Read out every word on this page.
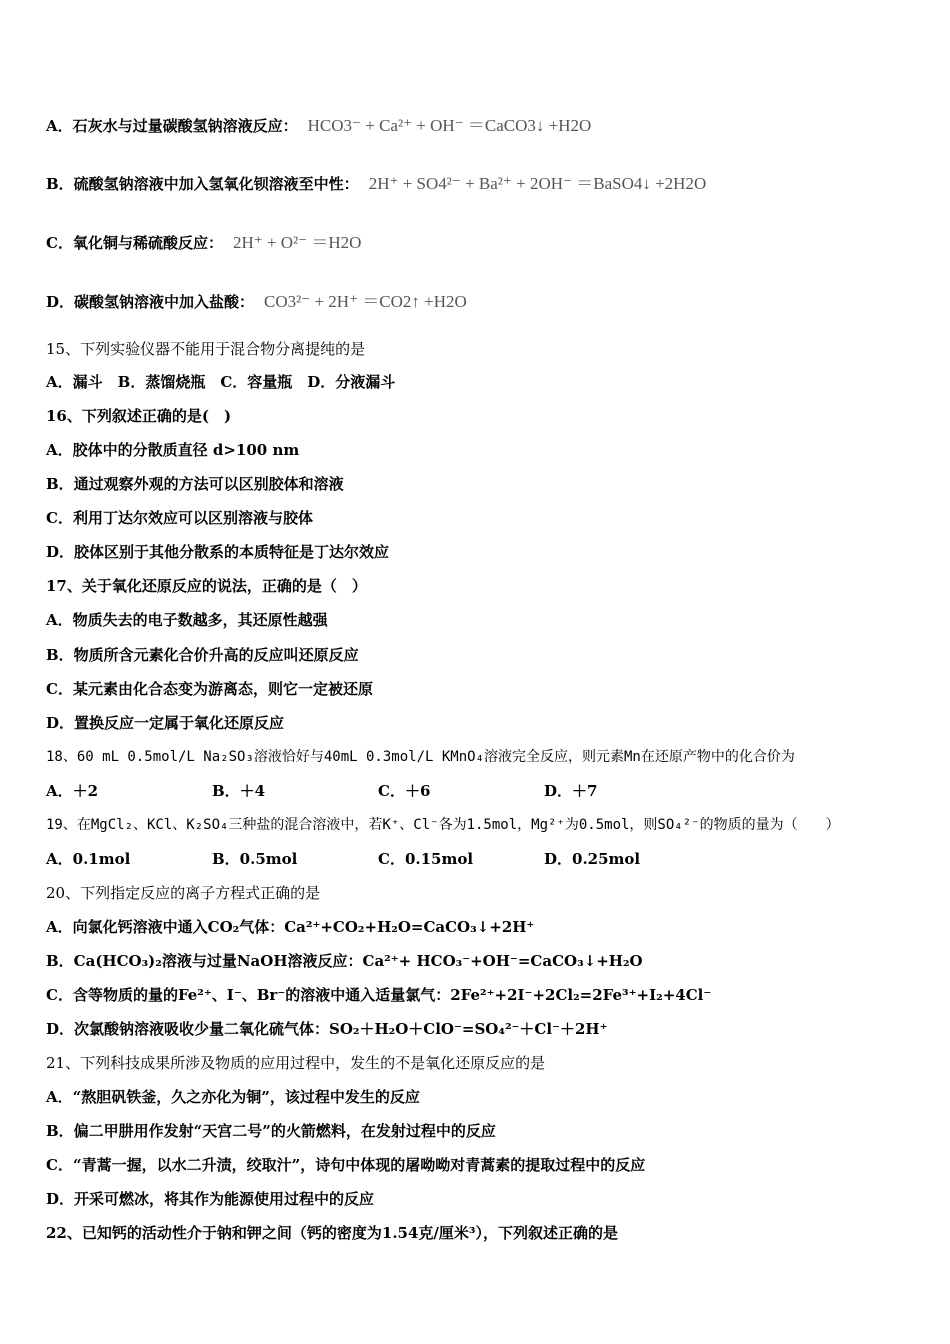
A．石灰水与过量碳酸氢钠溶液反应： HCO3⁻ + Ca²⁺ + OH⁻ ＝CaCO3↓ +H2O
B．硫酸氢钠溶液中加入氢氧化钡溶液至中性： 2H⁺ + SO4²⁻ + Ba²⁺ + 2OH⁻ ＝BaSO4↓ +2H2O
C．氧化铜与稀硫酸反应： 2H⁺ + O²⁻ ＝H2O
D．碳酸氢钠溶液中加入盐酸： CO3²⁻ + 2H⁺ ＝CO2↑ +H2O
15、下列实验仪器不能用于混合物分离提纯的是
A．漏斗　B．蒸馏烧瓶　C．容量瓶　D．分液漏斗
16、下列叙述正确的是(　)
A．胶体中的分散质直径 d>100 nm
B．通过观察外观的方法可以区别胶体和溶液
C．利用丁达尔效应可以区别溶液与胶体
D．胶体区别于其他分散系的本质特征是丁达尔效应
17、关于氧化还原反应的说法，正确的是（　）
A．物质失去的电子数越多，其还原性越强
B．物质所含元素化合价升高的反应叫还原反应
C．某元素由化合态变为游离态，则它一定被还原
D．置换反应一定属于氧化还原反应
18、60 mL 0.5mol/L Na₂SO₃溶液恰好与40mL 0.3mol/L KMnO₄溶液完全反应，则元素Mn在还原产物中的化合价为
A．＋2	B．＋4	C．＋6	D．＋7
19、在MgCl₂、KCl、K₂SO₄三种盐的混合溶液中，若K⁺、Cl⁻各为1.5mol，Mg²⁺为0.5mol，则SO₄²⁻的物质的量为（　　）
A．0.1mol	B．0.5mol	C．0.15mol	D．0.25mol
20、下列指定反应的离子方程式正确的是
A．向氯化钙溶液中通入CO₂气体：Ca²⁺+CO₂+H₂O=CaCO₃↓+2H⁺
B．Ca(HCO₃)₂溶液与过量NaOH溶液反应：Ca²⁺+ HCO₃⁻+OH⁻=CaCO₃↓+H₂O
C．含等物质的量的Fe²⁺、I⁻、Br⁻的溶液中通入适量氯气：2Fe²⁺+2I⁻+2Cl₂=2Fe³⁺+I₂+4Cl⁻
D．次氯酸钠溶液吸收少量二氧化硫气体：SO₂＋H₂O＋ClO⁻=SO₄²⁻＋Cl⁻＋2H⁺
21、下列科技成果所涉及物质的应用过程中，发生的不是氧化还原反应的是
A．“熬胆矾铁釜，久之亦化为铜”，该过程中发生的反应
B．偏二甲肼用作发射“天宫二号”的火箭燃料，在发射过程中的反应
C．“青蒿一握，以水二升渍，绞取汁”，诗句中体现的屠呦呦对青蒿素的提取过程中的反应
D．开采可燃冰，将其作为能源使用过程中的反应
22、已知钙的活动性介于钠和钾之间（钙的密度为1.54克/厘米³），下列叙述正确的是
